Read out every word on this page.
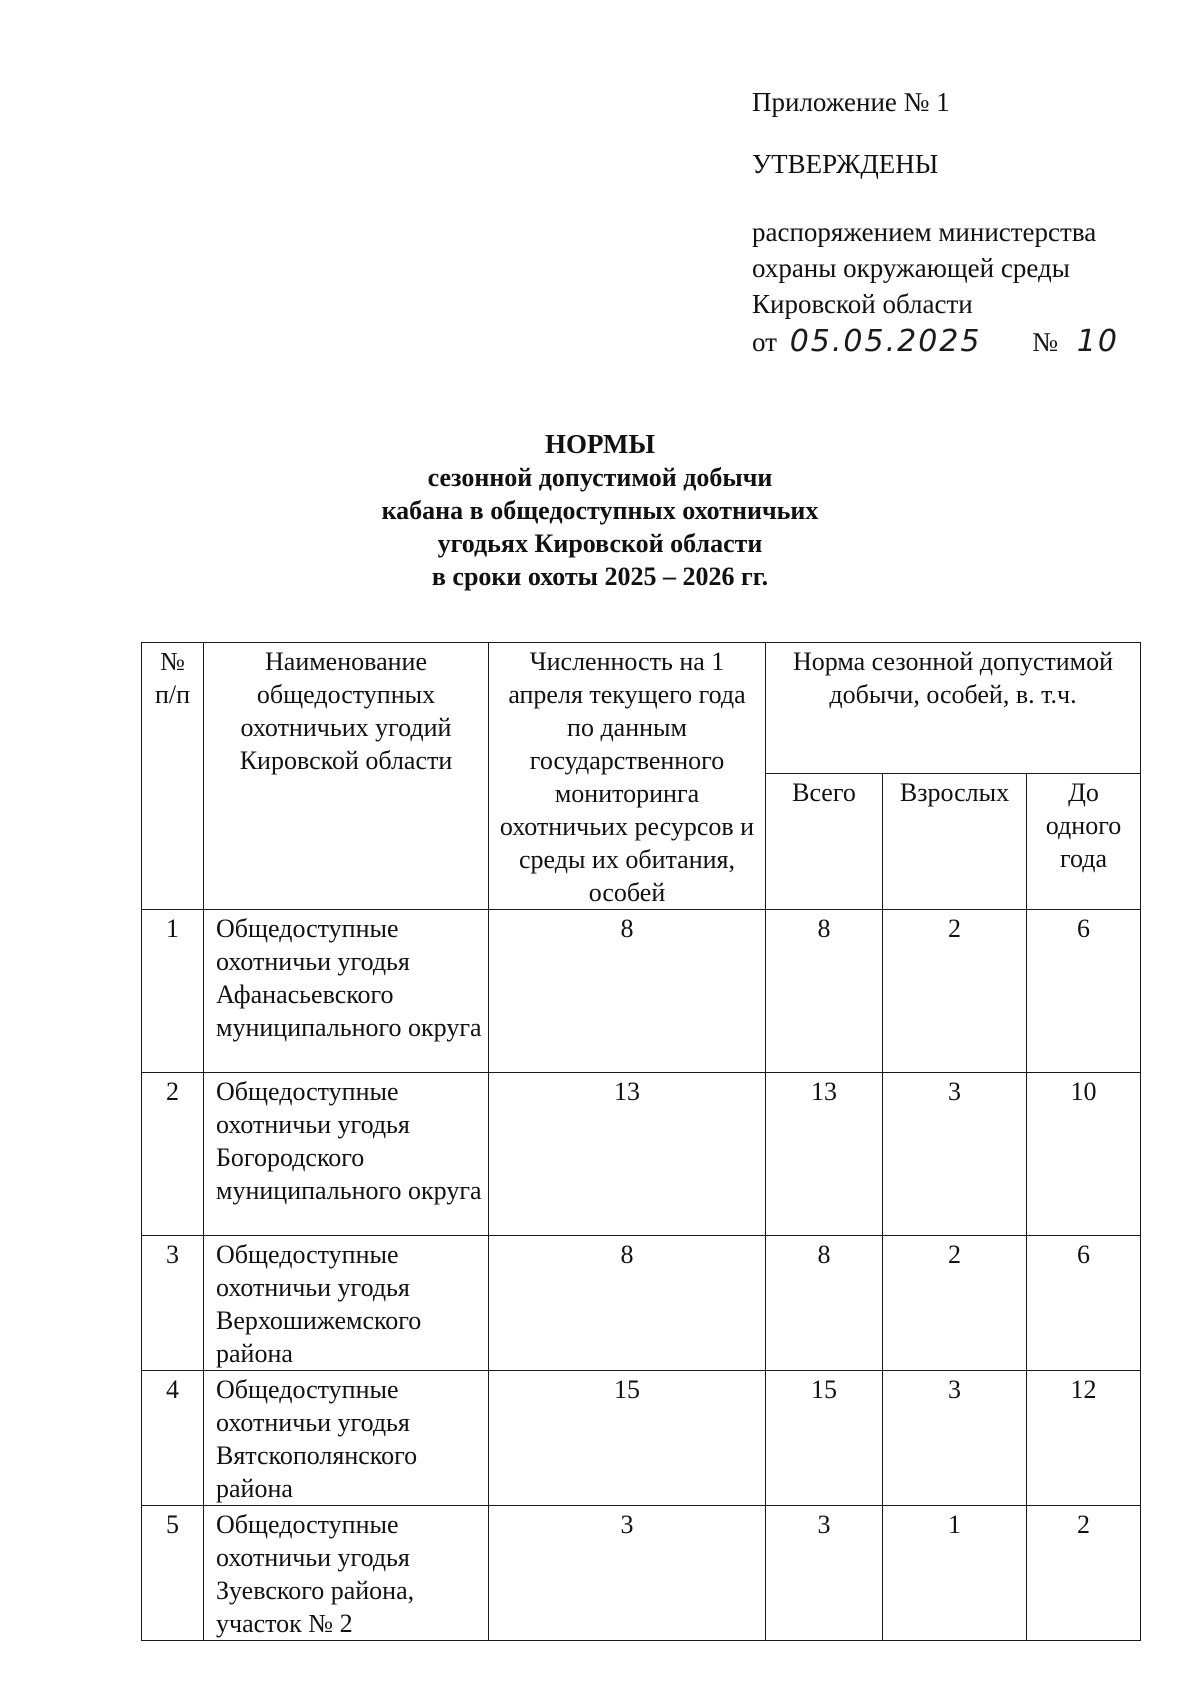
Приложение № 1
УТВЕРЖДЕНЫ
распоряжением министерства
охраны окружающей среды
Кировской области
от 05.05.2025 № 10
НОРМЫ
сезонной допустимой добычи
кабана в общедоступных охотничьих
угодьях Кировской области
в сроки охоты 2025 – 2026 гг.
№ п/п	Наименование общедоступных охотничьих угодий Кировской области	Численность на 1 апреля текущего года по данным государственного мониторинга охотничьих ресурсов и среды их обитания, особей	Норма сезонной допустимой добычи, особей, в. т.ч.		
			Всего	Взрослых	До одного года
1	Общедоступные охотничьи угодья Афанасьевского муниципального округа	8	8	2	6
2	Общедоступные охотничьи угодья Богородского муниципального округа	13	13	3	10
3	Общедоступные охотничьи угодья Верхошижемского района	8	8	2	6
4	Общедоступные охотничьи угодья Вятскополянского района	15	15	3	12
5	Общедоступные охотничьи угодья Зуевского района, участок № 2	3	3	1	2
